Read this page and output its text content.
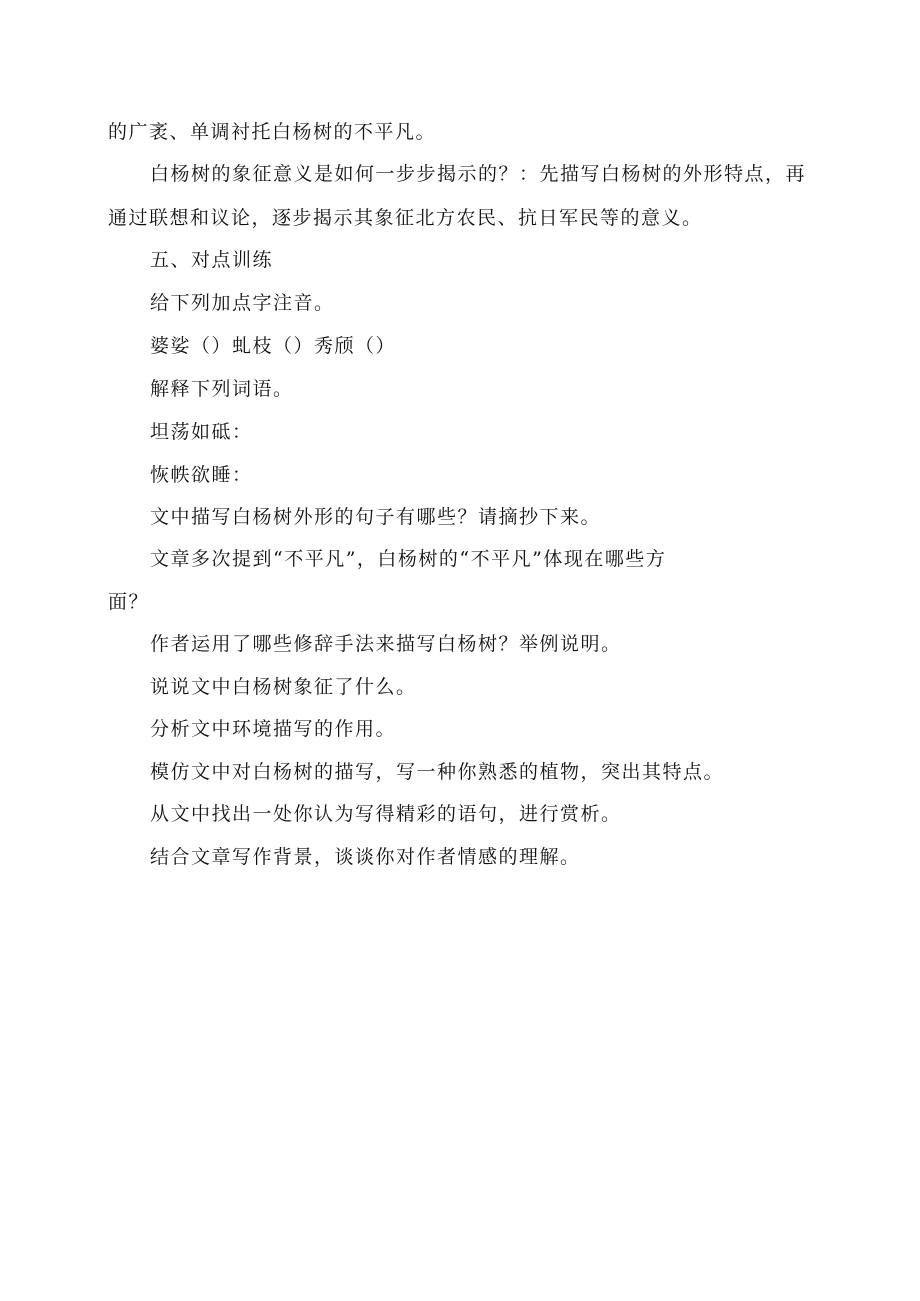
的广袤、单调衬托白杨树的不平凡。
白杨树的象征意义是如何一步步揭示的？：先描写白杨树的外形特点，再
通过联想和议论，逐步揭示其象征北方农民、抗日军民等的意义。
五、对点训练
给下列加点字注音。
婆娑（）虬枝（）秀颀（）
解释下列词语。
坦荡如砥：
恢帙欲睡：
文中描写白杨树外形的句子有哪些？请摘抄下来。
文章多次提到“不平凡”，白杨树的“不平凡”体现在哪些方
面？
作者运用了哪些修辞手法来描写白杨树？举例说明。
说说文中白杨树象征了什么。
分析文中环境描写的作用。
模仿文中对白杨树的描写，写一种你熟悉的植物，突出其特点。
从文中找出一处你认为写得精彩的语句，进行赏析。
结合文章写作背景，谈谈你对作者情感的理解。
